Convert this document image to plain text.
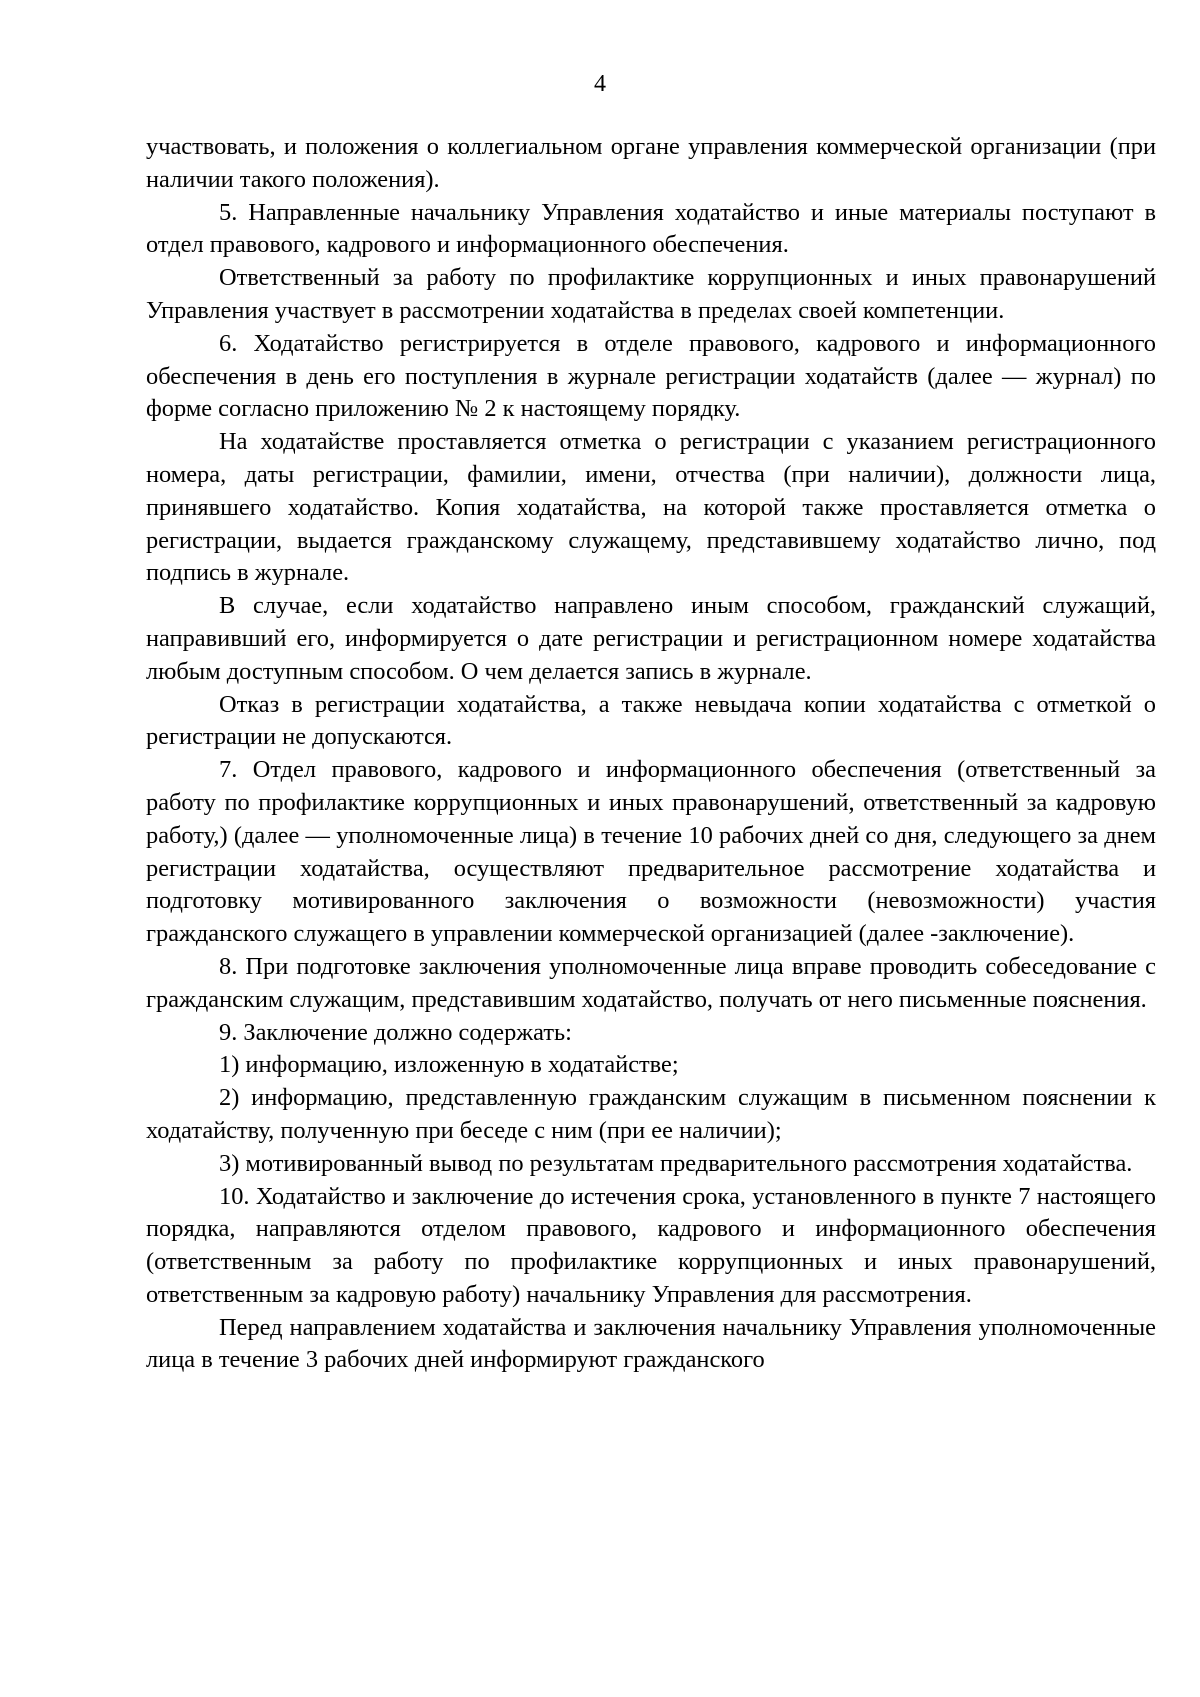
4

участвовать, и положения о коллегиальном органе управления коммерческой организации (при наличии такого положения).

5. Направленные начальнику Управления ходатайство и иные материалы поступают в отдел правового, кадрового и информационного обеспечения.

Ответственный за работу по профилактике коррупционных и иных правонарушений Управления участвует в рассмотрении ходатайства в пределах своей компетенции.

6. Ходатайство регистрируется в отделе правового, кадрового и информационного обеспечения в день его поступления в журнале регистрации ходатайств (далее — журнал) по форме согласно приложению № 2 к настоящему порядку.

На ходатайстве проставляется отметка о регистрации с указанием регистрационного номера, даты регистрации, фамилии, имени, отчества (при наличии), должности лица, принявшего ходатайство. Копия ходатайства, на которой также проставляется отметка о регистрации, выдается гражданскому служащему, представившему ходатайство лично, под подпись в журнале.

В случае, если ходатайство направлено иным способом, гражданский служащий, направивший его, информируется о дате регистрации и регистрационном номере ходатайства любым доступным способом. О чем делается запись в журнале.

Отказ в регистрации ходатайства, а также невыдача копии ходатайства с отметкой о регистрации не допускаются.

7. Отдел правового, кадрового и информационного обеспечения (ответственный за работу по профилактике коррупционных и иных правонарушений, ответственный за кадровую работу,) (далее — уполномоченные лица) в течение 10 рабочих дней со дня, следующего за днем регистрации ходатайства, осуществляют предварительное рассмотрение ходатайства и подготовку мотивированного заключения о возможности (невозможности) участия гражданского служащего в управлении коммерческой организацией (далее -заключение).

8. При подготовке заключения уполномоченные лица вправе проводить собеседование с гражданским служащим, представившим ходатайство, получать от него письменные пояснения.

9. Заключение должно содержать:

1) информацию, изложенную в ходатайстве;

2) информацию, представленную гражданским служащим в письменном пояснении к ходатайству, полученную при беседе с ним (при ее наличии);

3) мотивированный вывод по результатам предварительного рассмотрения ходатайства.

10. Ходатайство и заключение до истечения срока, установленного в пункте 7 настоящего порядка, направляются отделом правового, кадрового и информационного обеспечения (ответственным за работу по профилактике коррупционных и иных правонарушений, ответственным за кадровую работу) начальнику Управления для рассмотрения.

Перед направлением ходатайства и заключения начальнику Управления уполномоченные лица в течение 3 рабочих дней информируют гражданского
